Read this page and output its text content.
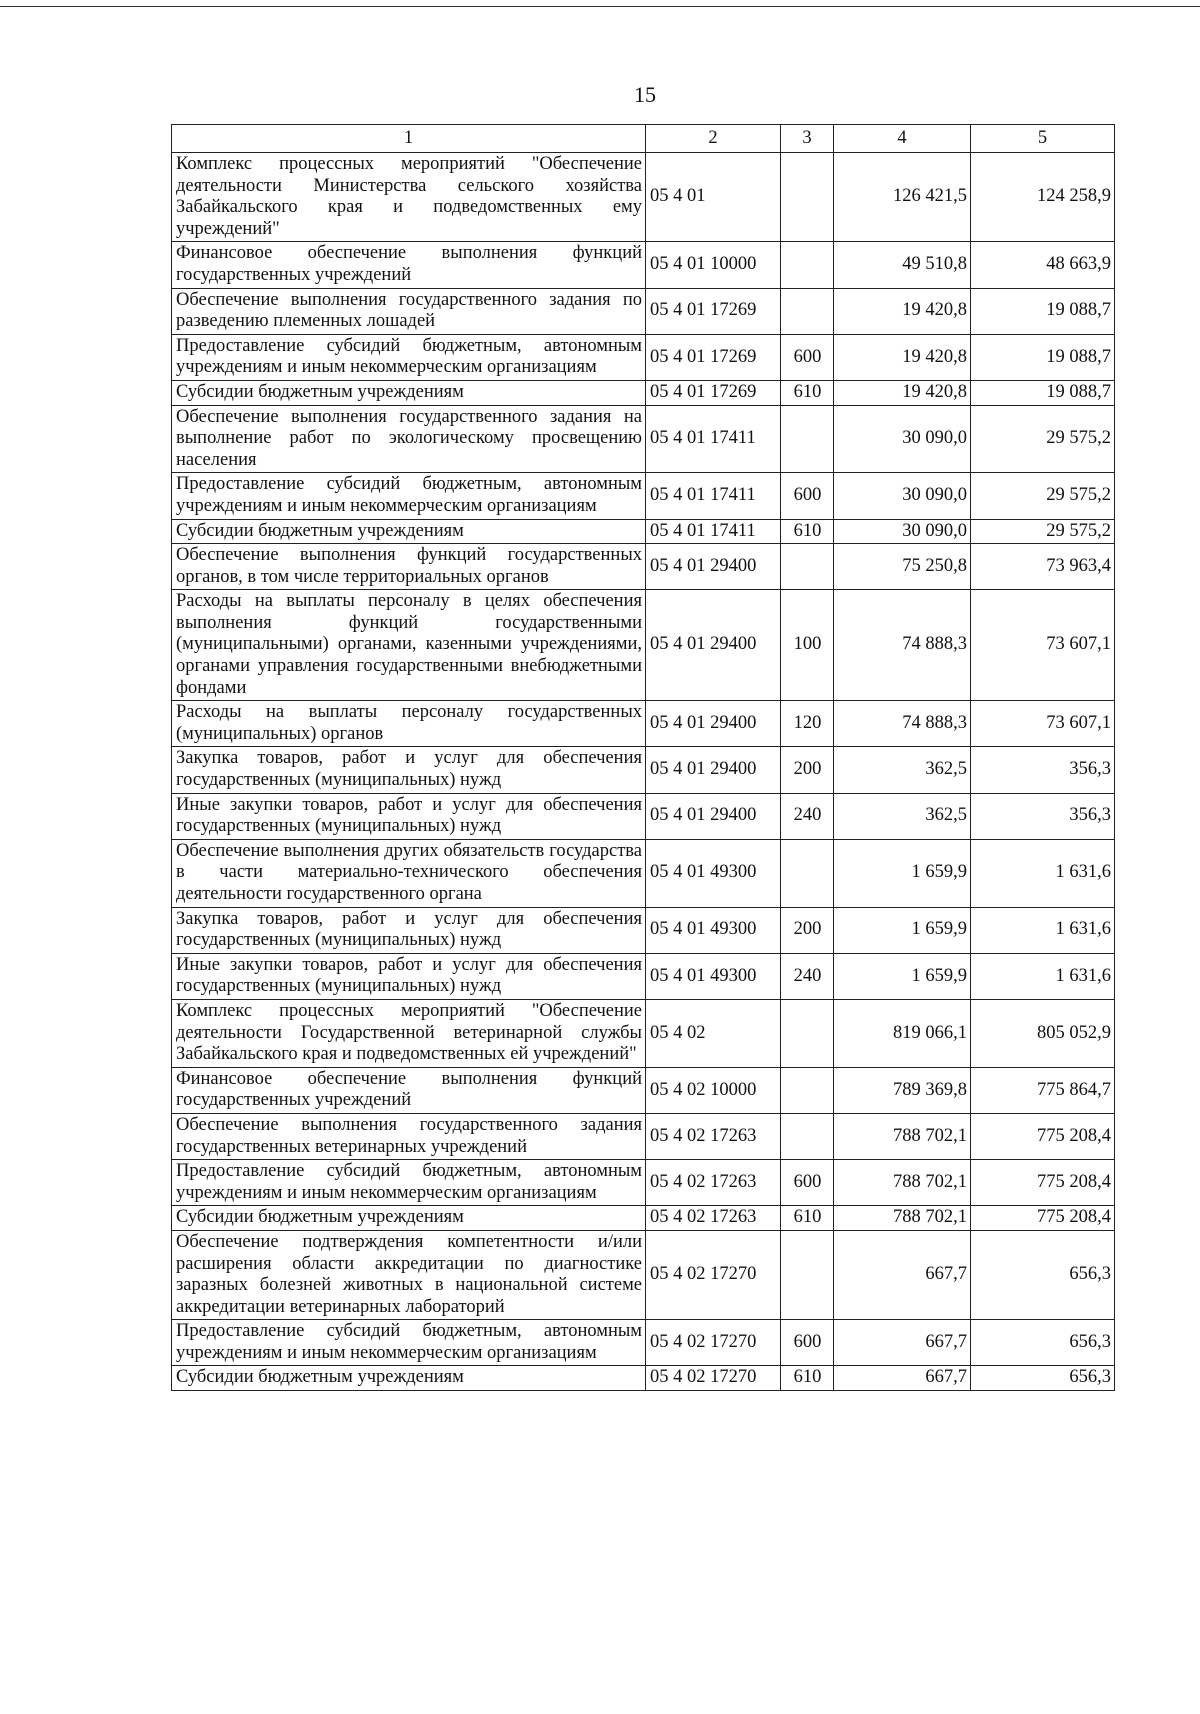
15
1	2	3	4	5
Комплекс процессных мероприятий "Обеспечение деятельности Министерства сельского хозяйства Забайкальского края и подведомственных ему учреждений"	05 4 01		126 421,5	124 258,9
Финансовое обеспечение выполнения функций государственных учреждений	05 4 01 10000		49 510,8	48 663,9
Обеспечение выполнения государственного задания по разведению племенных лошадей	05 4 01 17269		19 420,8	19 088,7
Предоставление субсидий бюджетным, автономным учреждениям и иным некоммерческим организациям	05 4 01 17269	600	19 420,8	19 088,7
Субсидии бюджетным учреждениям	05 4 01 17269	610	19 420,8	19 088,7
Обеспечение выполнения государственного задания на выполнение работ по экологическому просвещению населения	05 4 01 17411		30 090,0	29 575,2
Предоставление субсидий бюджетным, автономным учреждениям и иным некоммерческим организациям	05 4 01 17411	600	30 090,0	29 575,2
Субсидии бюджетным учреждениям	05 4 01 17411	610	30 090,0	29 575,2
Обеспечение выполнения функций государственных органов, в том числе территориальных органов	05 4 01 29400		75 250,8	73 963,4
Расходы на выплаты персоналу в целях обеспечения выполнения функций государственными (муниципальными) органами, казенными учреждениями, органами управления государственными внебюджетными фондами	05 4 01 29400	100	74 888,3	73 607,1
Расходы на выплаты персоналу государственных (муниципальных) органов	05 4 01 29400	120	74 888,3	73 607,1
Закупка товаров, работ и услуг для обеспечения государственных (муниципальных) нужд	05 4 01 29400	200	362,5	356,3
Иные закупки товаров, работ и услуг для обеспечения государственных (муниципальных) нужд	05 4 01 29400	240	362,5	356,3
Обеспечение выполнения других обязательств государства в части материально-технического обеспечения деятельности государственного органа	05 4 01 49300		1 659,9	1 631,6
Закупка товаров, работ и услуг для обеспечения государственных (муниципальных) нужд	05 4 01 49300	200	1 659,9	1 631,6
Иные закупки товаров, работ и услуг для обеспечения государственных (муниципальных) нужд	05 4 01 49300	240	1 659,9	1 631,6
Комплекс процессных мероприятий "Обеспечение деятельности Государственной ветеринарной службы Забайкальского края и подведомственных ей учреждений"	05 4 02		819 066,1	805 052,9
Финансовое обеспечение выполнения функций государственных учреждений	05 4 02 10000		789 369,8	775 864,7
Обеспечение выполнения государственного задания государственных ветеринарных учреждений	05 4 02 17263		788 702,1	775 208,4
Предоставление субсидий бюджетным, автономным учреждениям и иным некоммерческим организациям	05 4 02 17263	600	788 702,1	775 208,4
Субсидии бюджетным учреждениям	05 4 02 17263	610	788 702,1	775 208,4
Обеспечение подтверждения компетентности и/или расширения области аккредитации по диагностике заразных болезней животных в национальной системе аккредитации ветеринарных лабораторий	05 4 02 17270		667,7	656,3
Предоставление субсидий бюджетным, автономным учреждениям и иным некоммерческим организациям	05 4 02 17270	600	667,7	656,3
Субсидии бюджетным учреждениям	05 4 02 17270	610	667,7	656,3
